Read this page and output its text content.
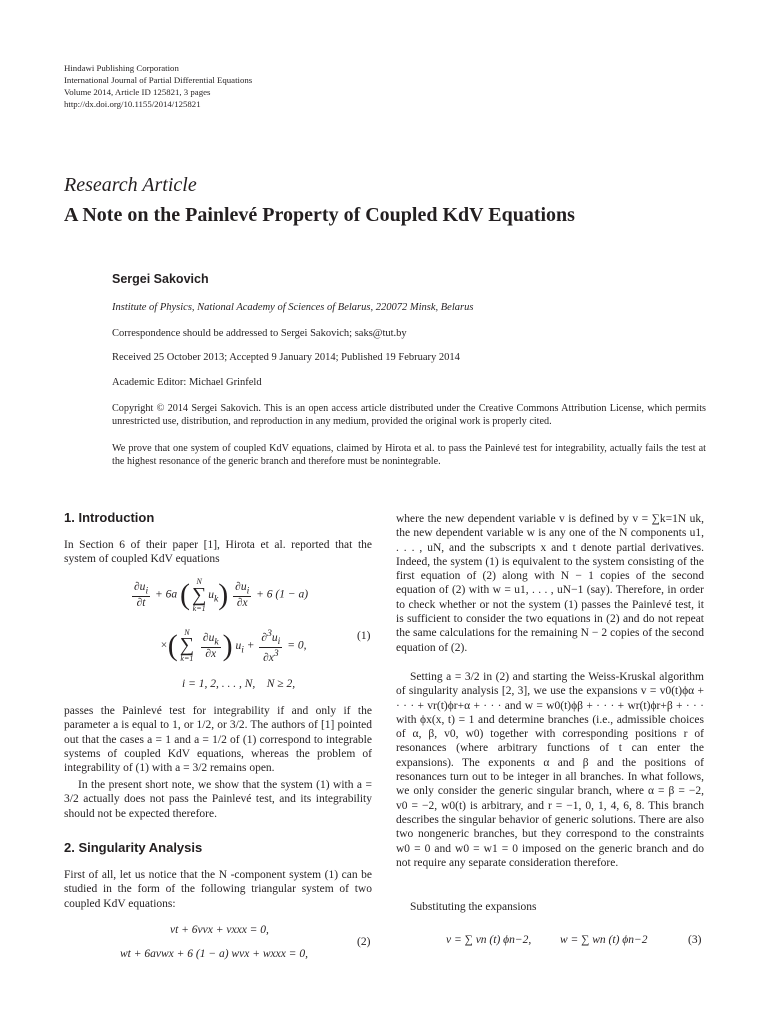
Hindawi Publishing Corporation
International Journal of Partial Differential Equations
Volume 2014, Article ID 125821, 3 pages
http://dx.doi.org/10.1155/2014/125821
Research Article
A Note on the Painlevé Property of Coupled KdV Equations
Sergei Sakovich
Institute of Physics, National Academy of Sciences of Belarus, 220072 Minsk, Belarus
Correspondence should be addressed to Sergei Sakovich; saks@tut.by
Received 25 October 2013; Accepted 9 January 2014; Published 19 February 2014
Academic Editor: Michael Grinfeld
Copyright © 2014 Sergei Sakovich. This is an open access article distributed under the Creative Commons Attribution License, which permits unrestricted use, distribution, and reproduction in any medium, provided the original work is properly cited.
We prove that one system of coupled KdV equations, claimed by Hirota et al. to pass the Painlevé test for integrability, actually fails the test at the highest resonance of the generic branch and therefore must be nonintegrable.
1. Introduction
In Section 6 of their paper [1], Hirota et al. reported that the system of coupled KdV equations
$\frac{\partial u_i}{\partial t} + 6a$ ( N
∑
k=1
$u_k) \frac{\partial u_i}{\partial x} + 6$ (1 − a)
×( N
∑
k=1
$\frac{\partial u_k}{\partial x}$ ) $u_i + \frac{\partial^3u_i}{\partial x^3} = 0$,
(1)
i = 1, 2, . . . , N,    N ≥ 2,
passes the Painlevé test for integrability if and only if the parameter a is equal to 1, or 1/2, or 3/2. The authors of [1] pointed out that the cases a = 1 and a = 1/2 of (1) correspond to integrable systems of coupled KdV equations, whereas the problem of integrability of (1) with a = 3/2 remains open.
In the present short note, we show that the system (1) with a = 3/2 actually does not pass the Painlevé test, and its integrability should not be expected therefore.
2. Singularity Analysis
First of all, let us notice that the N -component system (1) can be studied in the form of the following triangular system of two coupled KdV equations:
vt + 6vvx + vxxx = 0,
wt + 6avwx + 6 (1 − a) wvx + wxxx = 0,
(2)
where the new dependent variable v is defined by v = ∑k=1N uk, the new dependent variable w is any one of the N components u1, . . . , uN, and the subscripts x and t denote partial derivatives. Indeed, the system (1) is equivalent to the system consisting of the first equation of (2) along with N − 1 copies of the second equation of (2) with w = u1, . . . , uN−1 (say). Therefore, in order to check whether or not the system (1) passes the Painlevé test, it is sufficient to consider the two equations in (2) and do not repeat the same calculations for the remaining N − 2 copies of the second equation of (2).
Setting a = 3/2 in (2) and starting the Weiss-Kruskal algorithm of singularity analysis [2, 3], we use the expansions v = v0(t)ϕα + · · · + vr(t)ϕr+α + · · · and w = w0(t)ϕβ + · · · + wr(t)ϕr+β + · · · with ϕx(x, t) = 1 and determine branches (i.e., admissible choices of α, β, v0, w0) together with corresponding positions r of resonances (where arbitrary functions of t can enter the expansions). The exponents α and β and the positions of resonances turn out to be integer in all branches. In what follows, we only consider the generic singular branch, where α = β = −2, v0 = −2, w0(t) is arbitrary, and r = −1, 0, 1, 4, 6, 8. This branch describes the singular behavior of generic solutions. There are also two nongeneric branches, but they correspond to the constraints w0 = 0 and w0 = w1 = 0 imposed on the generic branch and do not require any separate consideration therefore.
Substituting the expansions
v = ∑ vn (t) ϕn−2,	w = ∑ wn (t) ϕn−2	(3)
